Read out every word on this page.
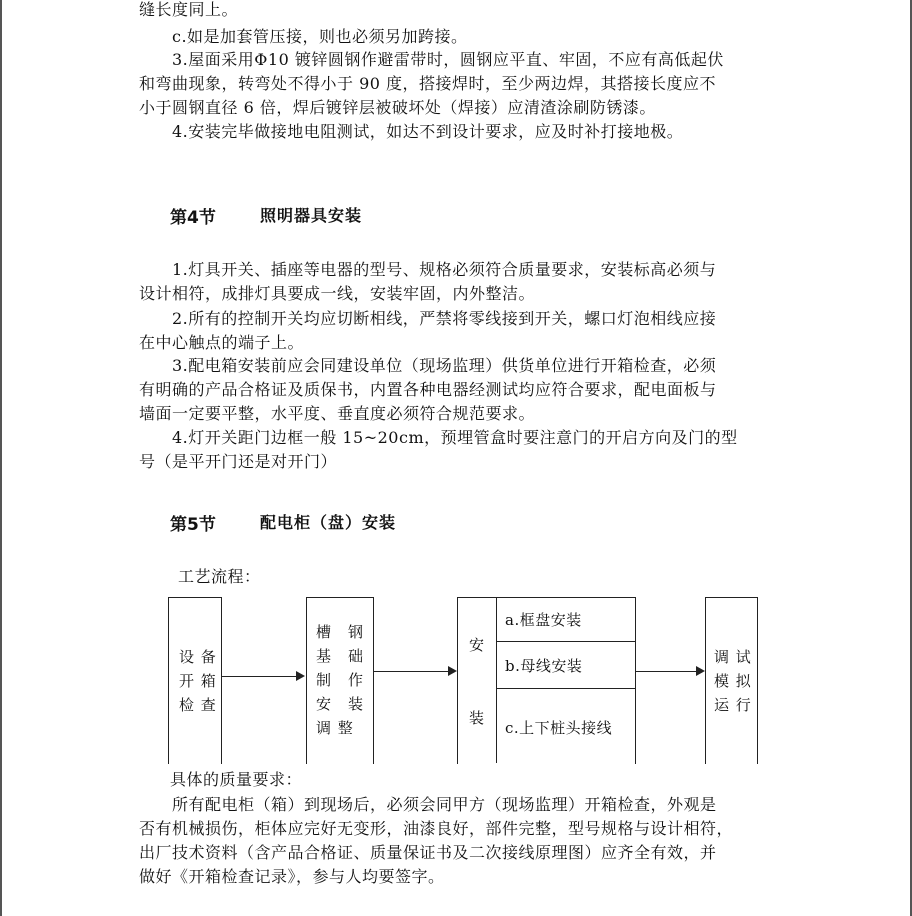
缝长度同上。
c.如是加套管压接，则也必须另加跨接。
3.屋面采用Φ10 镀锌圆钢作避雷带时，圆钢应平直、牢固，不应有高低起伏
和弯曲现象，转弯处不得小于 90 度，搭接焊时，至少两边焊，其搭接长度应不
小于圆钢直径 6 倍，焊后镀锌层被破坏处（焊接）应清渣涂刷防锈漆。
4.安装完毕做接地电阻测试，如达不到设计要求，应及时补打接地极。
第4节	照明器具安装
1.灯具开关、插座等电器的型号、规格必须符合质量要求，安装标高必须与
设计相符，成排灯具要成一线，安装牢固，内外整洁。
2.所有的控制开关均应切断相线，严禁将零线接到开关，螺口灯泡相线应接
在中心触点的端子上。
3.配电箱安装前应会同建设单位（现场监理）供货单位进行开箱检查，必须
有明确的产品合格证及质保书，内置各种电器经测试均应符合要求，配电面板与
墙面一定要平整，水平度、垂直度必须符合规范要求。
4.灯开关距门边框一般 15~20cm，预埋管盒时要注意门的开启方向及门的型
号（是平开门还是对开门）
第5节	配电柜（盘）安装
工艺流程：
设 备
开 箱
检 查
槽　钢
基　础
制　作
安　装
调 整
安
装
a.框盘安装
b.母线安装
c.上下桩头接线
调 试
模 拟
运 行
具体的质量要求：
所有配电柜（箱）到现场后，必须会同甲方（现场监理）开箱检查，外观是
否有机械损伤，柜体应完好无变形，油漆良好，部件完整，型号规格与设计相符，
出厂技术资料（含产品合格证、质量保证书及二次接线原理图）应齐全有效，并
做好《开箱检查记录》，参与人均要签字。
